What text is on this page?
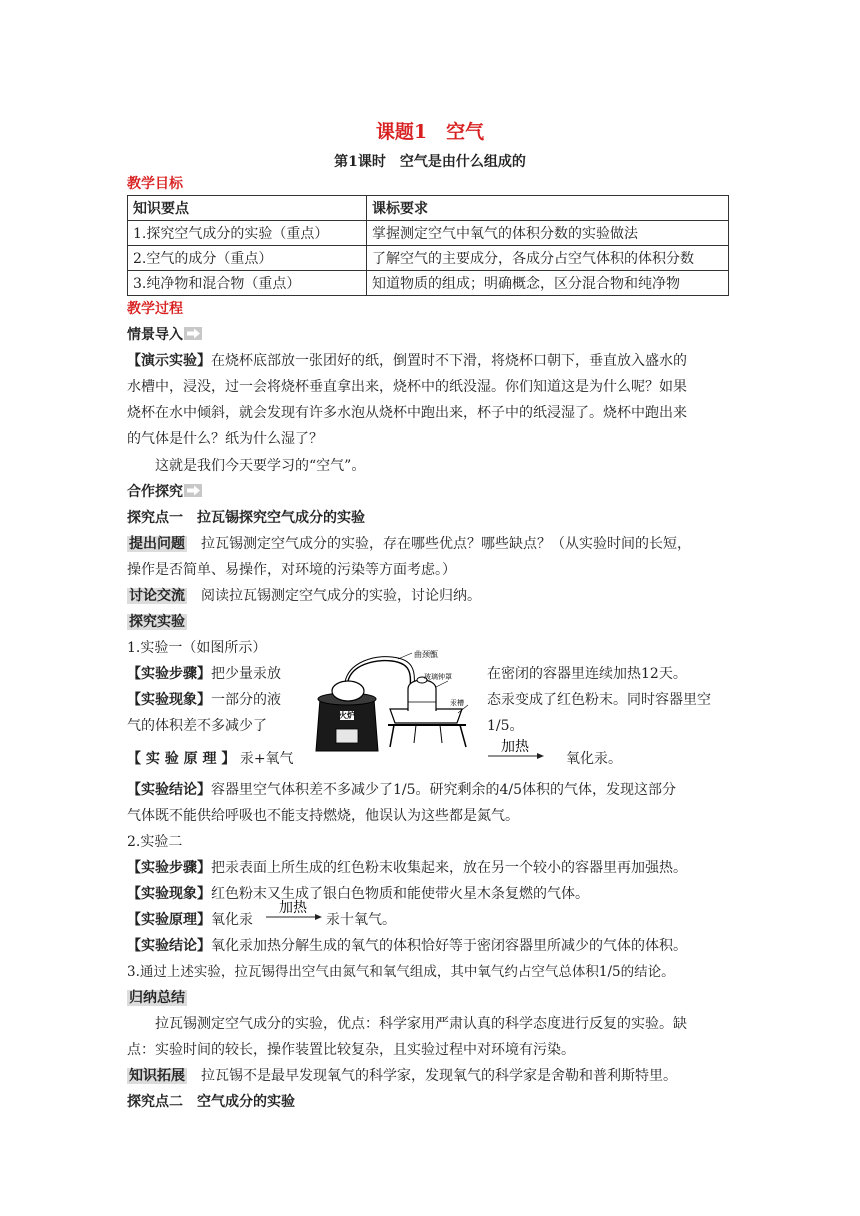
课题1　空气
第1课时　空气是由什么组成的
教学目标
知识要点	课标要求
1.探究空气成分的实验（重点）	掌握测定空气中氧气的体积分数的实验做法
2.空气的成分（重点）	了解空气的主要成分，各成分占空气体积的体积分数
3.纯净物和混合物（重点）	知道物质的组成；明确概念，区分混合物和纯净物
教学过程
情景导入
【演示实验】在烧杯底部放一张团好的纸，倒置时不下滑，将烧杯口朝下，垂直放入盛水的
水槽中，浸没，过一会将烧杯垂直拿出来，烧杯中的纸没湿。你们知道这是为什么呢？如果
烧杯在水中倾斜，就会发现有许多水泡从烧杯中跑出来，杯子中的纸浸湿了。烧杯中跑出来
的气体是什么？纸为什么湿了？
这就是我们今天要学习的“空气”。
合作探究
探究点一　拉瓦锡探究空气成分的实验
提出问题　 拉瓦锡测定空气成分的实验，存在哪些优点？哪些缺点？（从实验时间的长短，
操作是否简单、易操作，对环境的污染等方面考虑。）
讨论交流　 阅读拉瓦锡测定空气成分的实验，讨论归纳。
探究实验
1.实验一（如图所示）
【实验步骤】把少量汞放	在密闭的容器里连续加热12天。
【实验现象】一部分的液	态汞变成了红色粉末。同时容器里空
气的体积差不多减少了	1/5。
曲颈甑
玻璃钟罩
汞槽
火炉
【 实 验 原 理 】 汞+氧气
加热
氧化汞。
【实验结论】容器里空气体积差不多减少了1/5。研究剩余的4/5体积的气体，发现这部分
气体既不能供给呼吸也不能支持燃烧，他误认为这些都是氮气。
2.实验二
【实验步骤】把汞表面上所生成的红色粉末收集起来，放在另一个较小的容器里再加强热。
【实验现象】红色粉末又生成了银白色物质和能使带火星木条复燃的气体。
【实验原理】氧化汞
加热
汞十氧气。
【实验结论】氧化汞加热分解生成的氧气的体积恰好等于密闭容器里所减少的气体的体积。
3.通过上述实验，拉瓦锡得出空气由氮气和氧气组成，其中氧气约占空气总体积1/5的结论。
归纳总结
拉瓦锡测定空气成分的实验，优点：科学家用严肃认真的科学态度进行反复的实验。缺
点：实验时间的较长，操作装置比较复杂，且实验过程中对环境有污染。
知识拓展　 拉瓦锡不是最早发现氧气的科学家，发现氧气的科学家是舍勒和普利斯特里。
探究点二　空气成分的实验
